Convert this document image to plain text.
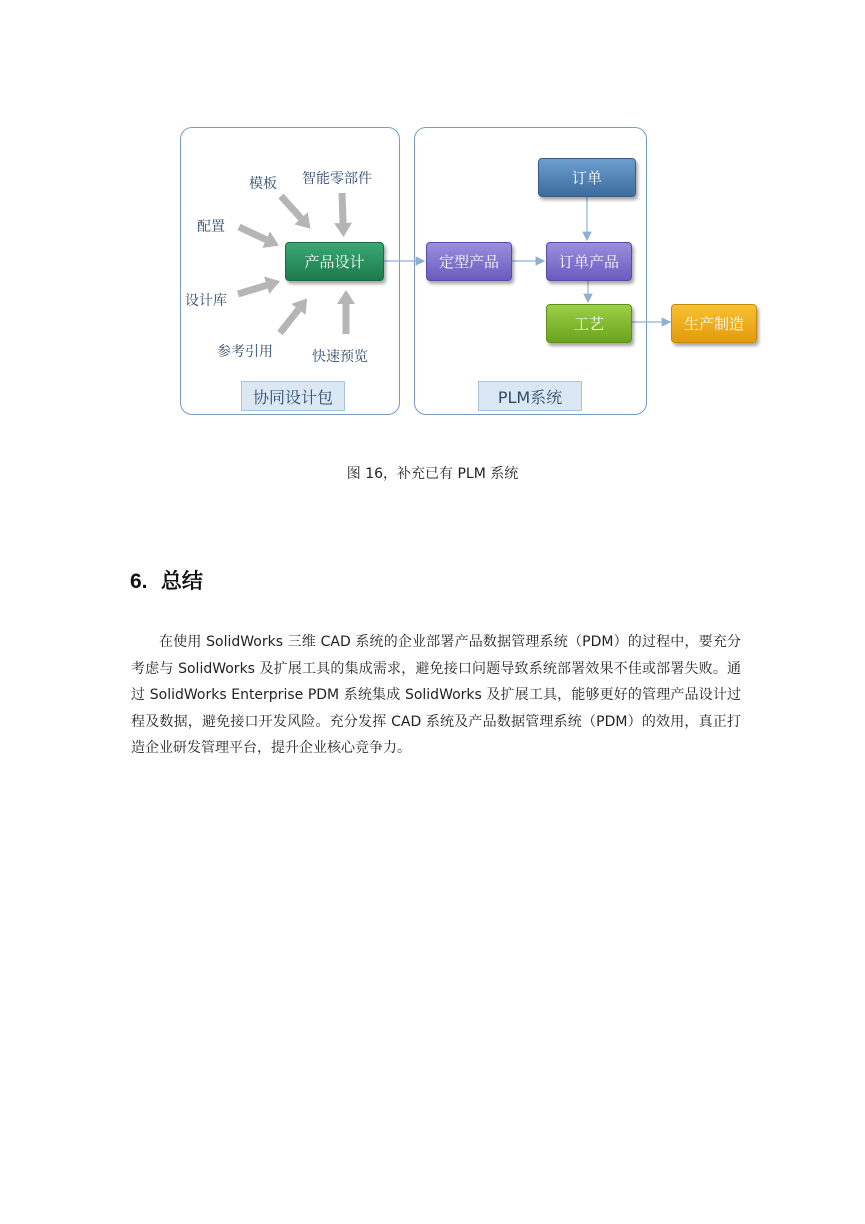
模板 智能零部件
配置
设计库
参考引用	快速预览
产品设计	定型产品
订单
订单产品
工艺	生产制造
协同设计包	PLM系统
图 16，补充已有 PLM 系统
6. 总结
在使用 SolidWorks 三维 CAD 系统的企业部署产品数据管理系统（PDM）的过程中，要充分考虑与 SolidWorks 及扩展工具的集成需求，避免接口问题导致系统部署效果不佳或部署失败。通过 SolidWorks Enterprise PDM 系统集成 SolidWorks 及扩展工具，能够更好的管理产品设计过程及数据，避免接口开发风险。充分发挥 CAD 系统及产品数据管理系统（PDM）的效用，真正打造企业研发管理平台，提升企业核心竞争力。
